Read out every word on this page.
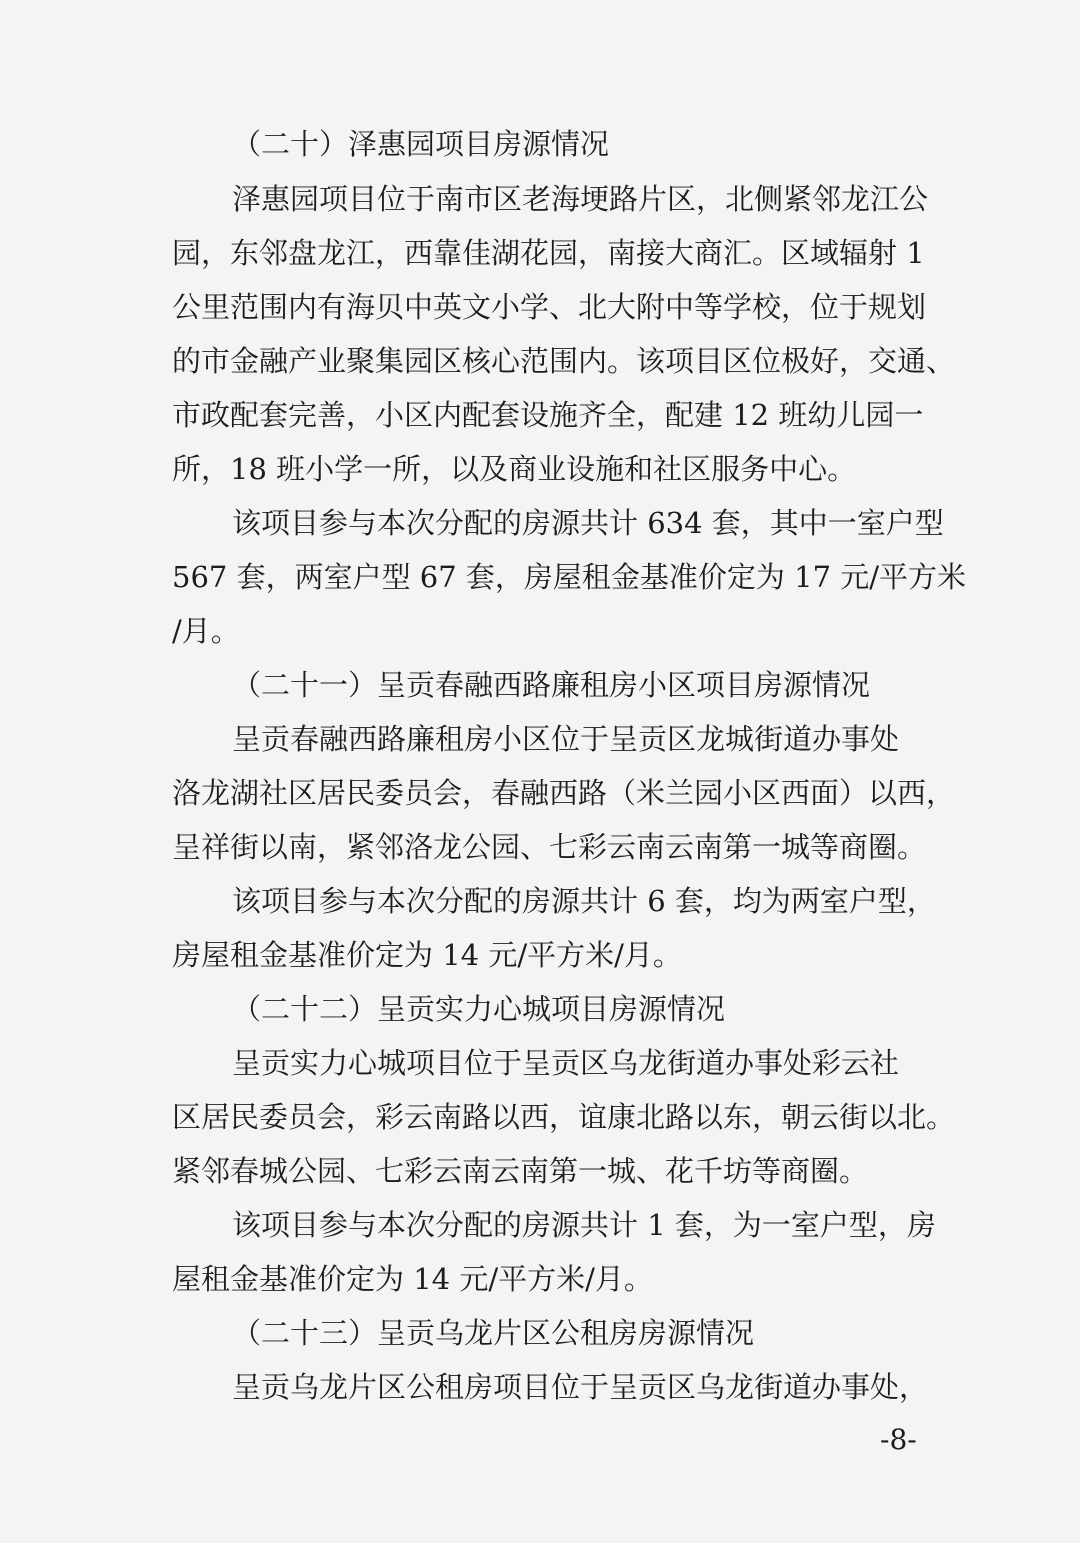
（二十）泽惠园项目房源情况
泽惠园项目位于南市区老海埂路片区，北侧紧邻龙江公
园，东邻盘龙江，西靠佳湖花园，南接大商汇。区域辐射 1
公里范围内有海贝中英文小学、北大附中等学校，位于规划
的市金融产业聚集园区核心范围内。该项目区位极好，交通、
市政配套完善，小区内配套设施齐全，配建 12 班幼儿园一
所，18 班小学一所，以及商业设施和社区服务中心。
该项目参与本次分配的房源共计 634 套，其中一室户型
567 套，两室户型 67 套，房屋租金基准价定为 17 元/平方米
/月。
（二十一）呈贡春融西路廉租房小区项目房源情况
呈贡春融西路廉租房小区位于呈贡区龙城街道办事处
洛龙湖社区居民委员会，春融西路（米兰园小区西面）以西，
呈祥街以南，紧邻洛龙公园、七彩云南云南第一城等商圈。
该项目参与本次分配的房源共计 6 套，均为两室户型，
房屋租金基准价定为 14 元/平方米/月。
（二十二）呈贡实力心城项目房源情况
呈贡实力心城项目位于呈贡区乌龙街道办事处彩云社
区居民委员会，彩云南路以西，谊康北路以东，朝云街以北。
紧邻春城公园、七彩云南云南第一城、花千坊等商圈。
该项目参与本次分配的房源共计 1 套，为一室户型，房
屋租金基准价定为 14 元/平方米/月。
（二十三）呈贡乌龙片区公租房房源情况
呈贡乌龙片区公租房项目位于呈贡区乌龙街道办事处，
-8-
